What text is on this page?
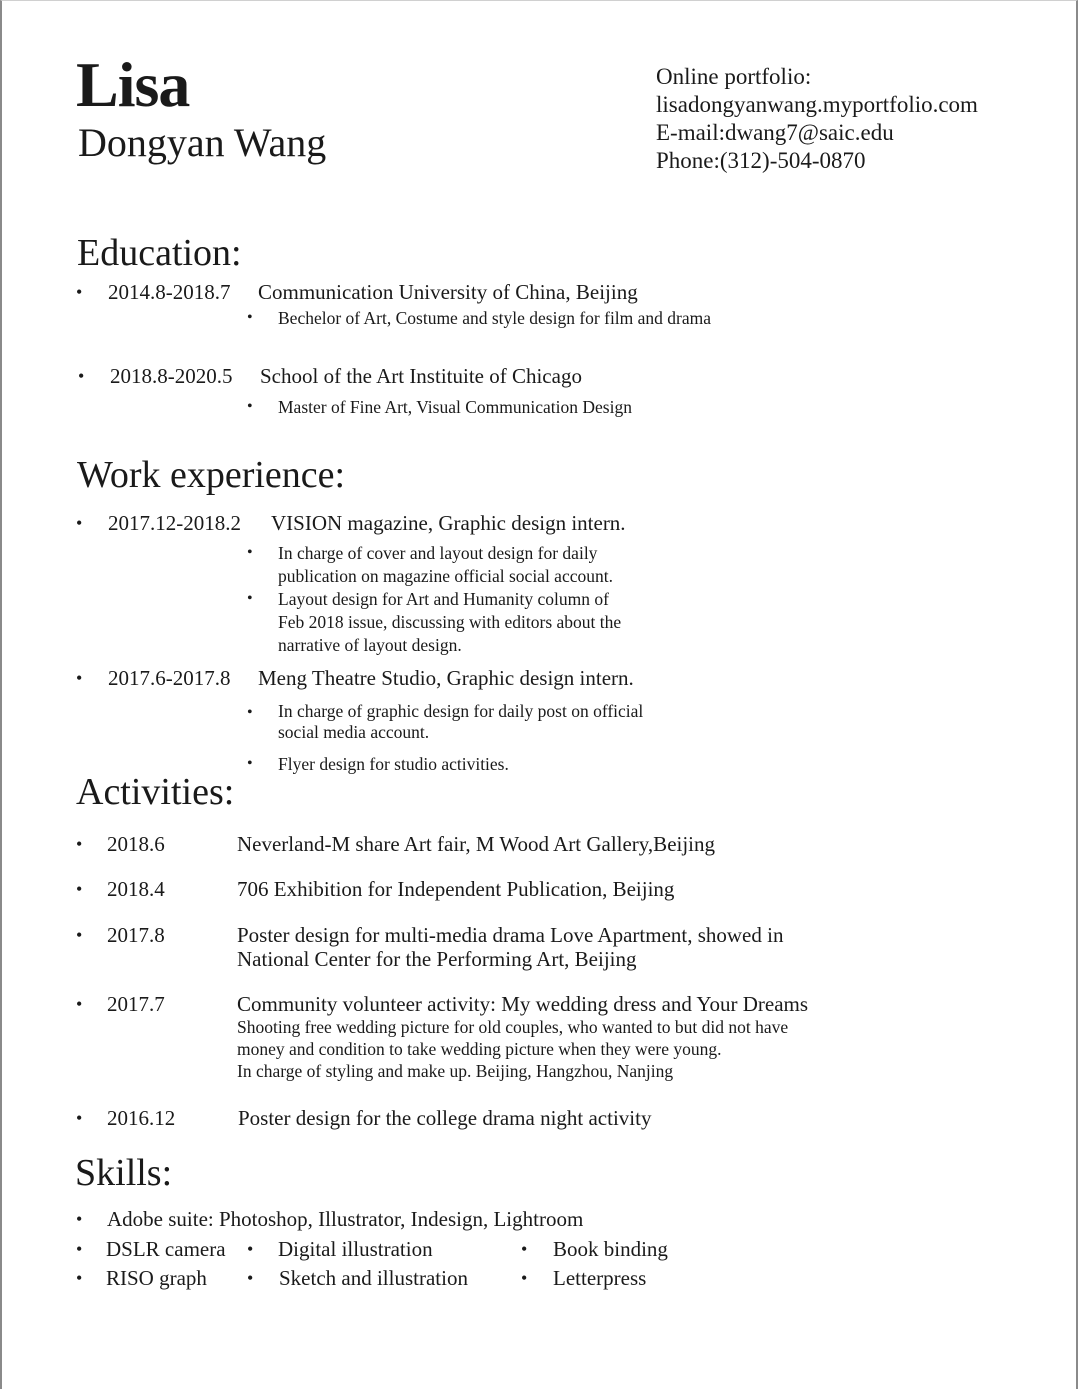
Lisa
Dongyan Wang
Online portfolio:
lisadongyanwang.myportfolio.com
E-mail:dwang7@saic.edu
Phone:(312)-504-0870
Education:
• 2014.8-2018.7 Communication University of China, Beijing
• Bechelor of Art, Costume and style design for film and drama
• 2018.8-2020.5 School of the Art Instituite of Chicago
• Master of Fine Art, Visual Communication Design
Work experience:
• 2017.12-2018.2 VISION magazine, Graphic design intern.
• In charge of cover and layout design for daily
publication on magazine official social account.
• Layout design for Art and Humanity column of
Feb 2018 issue, discussing with editors about the
narrative of layout design.
• 2017.6-2017.8 Meng Theatre Studio, Graphic design intern.
• In charge of graphic design for daily post on official
social media account.
• Flyer design for studio activities.
Activities:
• 2018.6	Neverland-M share Art fair, M Wood Art Gallery,Beijing
• 2018.4	706 Exhibition for Independent Publication, Beijing
• 2017.8	Poster design for multi-media drama Love Apartment, showed in
National Center for the Performing Art, Beijing
• 2017.7	Community volunteer activity: My wedding dress and Your Dreams
Shooting free wedding picture for old couples, who wanted to but did not have
money and condition to take wedding picture when they were young.
In charge of styling and make up. Beijing, Hangzhou, Nanjing
• 2016.12	Poster design for the college drama night activity
Skills:
• Adobe suite: Photoshop, Illustrator, Indesign, Lightroom
• DSLR camera • Digital illustration	• Book binding
• RISO graph • Sketch and illustration	• Letterpress
